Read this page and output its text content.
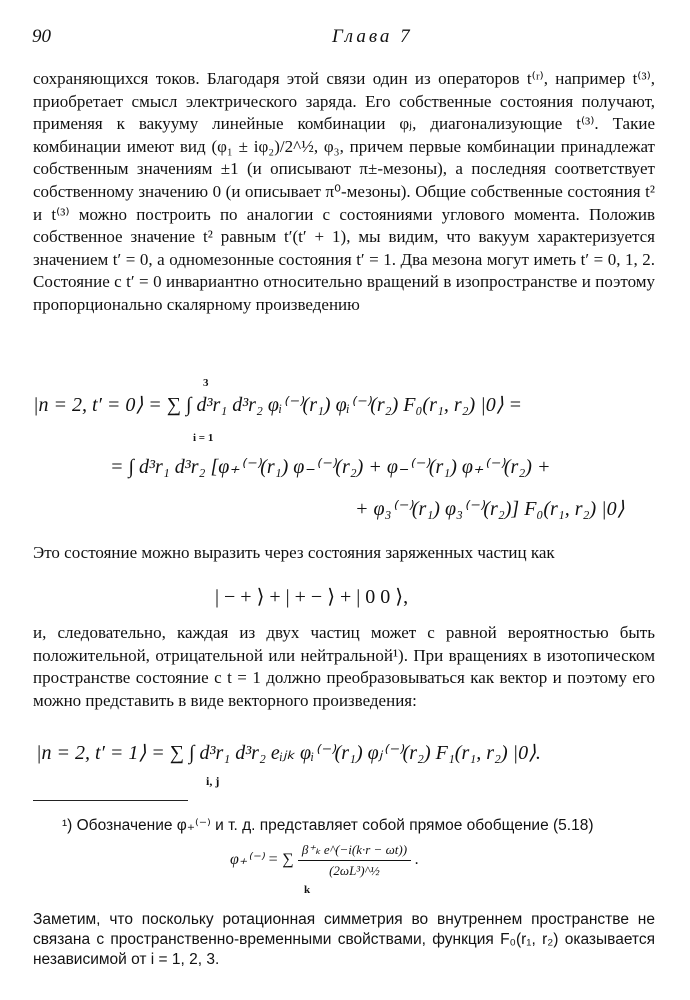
90	Глава 7

сохраняющихся токов. Благодаря этой связи один из операторов t⁽ʳ⁾, например t⁽³⁾, приобретает смысл электрического заряда. Его собственные состояния получают, применяя к вакууму линейные комбинации φⱼ, диагонализующие t⁽³⁾. Такие комбинации имеют вид (φ₁ ± iφ₂)/2^½, φ₃, причем первые комбинации принадлежат собственным значениям ±1 (и описывают π±-мезоны), а последняя соответствует собственному значению 0 (и описывает π⁰-мезоны). Общие собственные состояния t² и t⁽³⁾ можно построить по аналогии с состояниями углового момента. Положив собственное значение t² равным t′(t′ + 1), мы видим, что вакуум характеризуется значением t′ = 0, а одномезонные состояния t′ = 1. Два мезона могут иметь t′ = 0, 1, 2. Состояние с t′ = 0 инвариантно относительно вращений в изопространстве и поэтому пропорционально скалярному произведению

|n = 2, t′ = 0⟩ = ∑ ∫ d³r₁ d³r₂ φᵢ⁽⁻⁾(r₁) φᵢ⁽⁻⁾(r₂) F₀(r₁, r₂) |0⟩ =
3
i = 1
= ∫ d³r₁ d³r₂ [φ₊⁽⁻⁾(r₁) φ₋⁽⁻⁾(r₂) + φ₋⁽⁻⁾(r₁) φ₊⁽⁻⁾(r₂) +
+ φ₃⁽⁻⁾(r₁) φ₃⁽⁻⁾(r₂)] F₀(r₁, r₂) |0⟩

Это состояние можно выразить через состояния заряженных частиц как

| − + ⟩ + | + − ⟩ + | 0 0 ⟩,

и, следовательно, каждая из двух частиц может с равной вероятностью быть положительной, отрицательной или нейтральной¹). При вращениях в изотопическом пространстве состояние с t = 1 должно преобразовываться как вектор и поэтому его можно представить в виде векторного произведения:

|n = 2, t′ = 1⟩ = ∑ ∫ d³r₁ d³r₂ eᵢⱼₖ φᵢ⁽⁻⁾(r₁) φⱼ⁽⁻⁾(r₂) F₁(r₁, r₂) |0⟩.
i, j

¹) Обозначение φ₊⁽⁻⁾ и т. д. представляет собой прямое обобщение (5.18)

φ₊⁽⁻⁾ = ∑ $\frac{\text{β⁺ₖ e\textasciicircum{}(−i(k·r − ωt))}}{\text{(2ωL³)\textasciicircum{}½}}$ .
k

Заметим, что поскольку ротационная симметрия во внутреннем пространстве не связана с пространственно-временными свойствами, функция F₀(r₁, r₂) оказывается независимой от i = 1, 2, 3.
